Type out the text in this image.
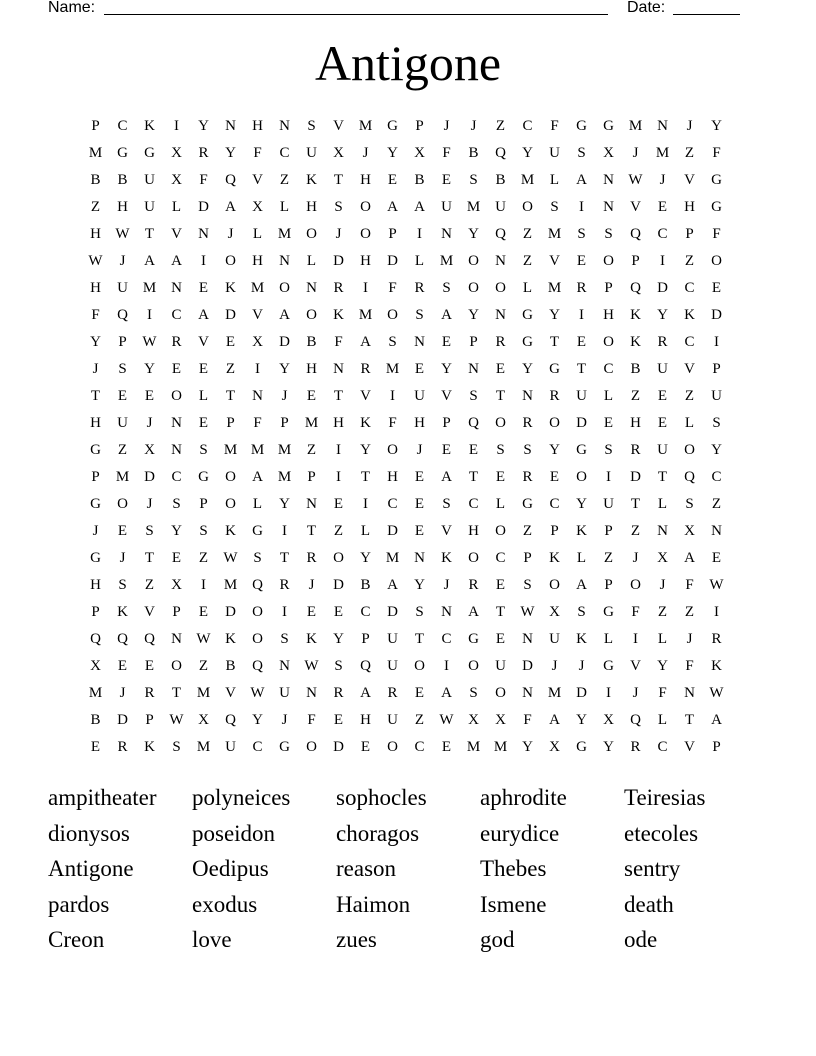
Name:	Date:
Antigone
P	C	K	I	Y	N	H	N	S	V M G	P	J	J	Z	C	F	G	G M N	J	Y
M G	G	X	R	Y	F	C	U	X	J	Y	X	F	B	Q	Y	U	S	X	J	M	Z	F
B	B	U	X	F	Q	V	Z	K	T	H	E	B	E	S	B	M	L	A	N W	J	V	G
Z	H	U	L	D	A	X	L	H	S	O	A	A	U M U	O	S	I	N	V	E	H	G
H W	T	V	N	J	L	M O	J	O	P	I	N	Y	Q	Z	M	S	S	Q	C	P	F
W	J	A	A	I	O	H	N	L	D	H	D	L	M O	N	Z	V	E	O	P	I	Z	O
H	U M N	E	K M O	N	R	I	F	R	S	O	O	L	M	R	P	Q	D	C	E
F	Q	I	C	A	D	V	A	O	K M O	S	A	Y	N	G	Y	I	H	K	Y	K	D
Y	P	W R	V	E	X	D	B	F	A	S	N	E	P	R	G	T	E	O	K	R	C	I
J	S	Y	E	E	Z	I	Y	H	N	R	M	E	Y	N	E	Y	G	T	C	B	U	V	P
T	E	E	O	L	T	N	J	E	T	V	I	U	V	S	T	N	R	U	L	Z	E	Z	U
H	U	J	N	E	P	F	P	M H	K	F	H	P	Q	O	R	O	D	E	H	E	L	S
G	Z	X	N	S	M M M	Z	I	Y	O	J	E	E	S	S	Y	G	S	R	U	O	Y
P	M D	C	G	O	A M	P	I	T	H	E	A	T	E	R	E	O	I	D	T	Q	C
G	O	J	S	P	O	L	Y	N	E	I	C	E	S	C	L	G	C	Y	U	T	L	S	Z
J	E	S	Y	S	K	G	I	T	Z	L	D	E	V	H	O	Z	P	K	P	Z	N	X	N
G	J	T	E	Z	W	S	T	R	O	Y M N	K	O	C	P	K	L	Z	J	X	A	E
H	S	Z	X	I	M Q	R	J	D	B	A	Y	J	R	E	S	O	A	P	O	J	F	W
P	K	V	P	E	D	O	I	E	E	C	D	S	N	A	T	W X	S	G	F	Z	Z	I
Q	Q	Q	N W K	O	S	K	Y	P	U	T	C	G	E	N	U	K	L	I	L	J	R
X	E	E	O	Z	B	Q	N W	S	Q	U	O	I	O	U	D	J	J	G	V	Y	F	K
M	J	R	T	M V W U	N	R	A	R	E	A	S	O	N M D	I	J	F	N W
B	D	P	W X	Q	Y	J	F	E	H	U	Z	W X	X	F	A	Y	X	Q	L	T	A
E	R	K	S	M U	C	G	O	D	E	O	C	E	M M Y	X	G	Y	R	C	V	P
ampitheater	polyneices	sophocles	aphrodite	Teiresias
dionysos	poseidon	choragos	eurydice	etecoles
Antigone	Oedipus	reason	Thebes	sentry
pardos	exodus	Haimon	Ismene	death
Creon	love	zues	god	ode
